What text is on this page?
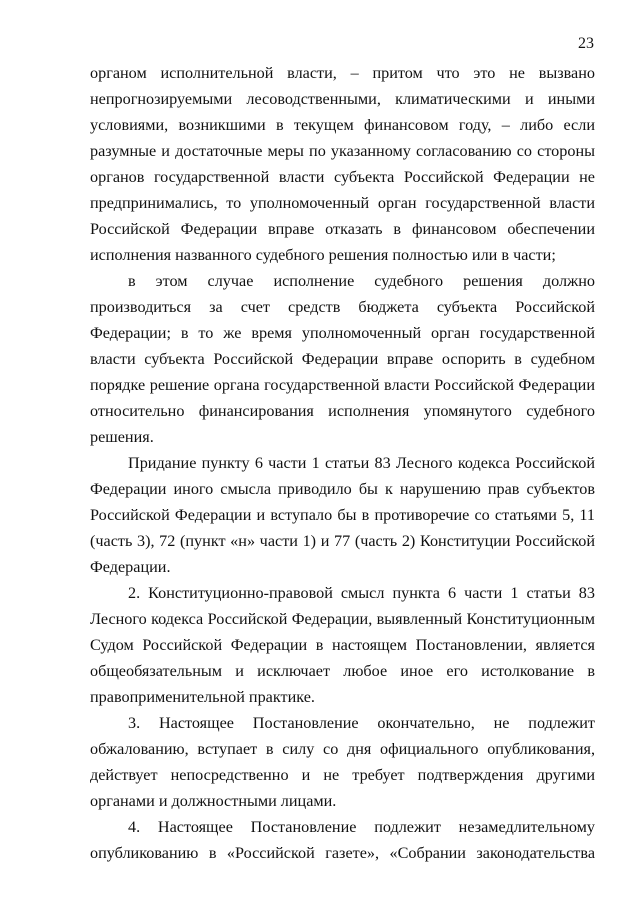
23

органом исполнительной власти, – притом что это не вызвано непрогнозируемыми лесоводственными, климатическими и иными условиями, возникшими в текущем финансовом году, – либо если разумные и достаточные меры по указанному согласованию со стороны органов государственной власти субъекта Российской Федерации не предпринимались, то уполномоченный орган государственной власти Российской Федерации вправе отказать в финансовом обеспечении исполнения названного судебного решения полностью или в части;

в этом случае исполнение судебного решения должно производиться за счет средств бюджета субъекта Российской Федерации; в то же время уполномоченный орган государственной власти субъекта Российской Федерации вправе оспорить в судебном порядке решение органа государственной власти Российской Федерации относительно финансирования исполнения упомянутого судебного решения.

Придание пункту 6 части 1 статьи 83 Лесного кодекса Российской Федерации иного смысла приводило бы к нарушению прав субъектов Российской Федерации и вступало бы в противоречие со статьями 5, 11 (часть 3), 72 (пункт «н» части 1) и 77 (часть 2) Конституции Российской Федерации.

2. Конституционно-правовой смысл пункта 6 части 1 статьи 83 Лесного кодекса Российской Федерации, выявленный Конституционным Судом Российской Федерации в настоящем Постановлении, является общеобязательным и исключает любое иное его истолкование в правоприменительной практике.

3. Настоящее Постановление окончательно, не подлежит обжалованию, вступает в силу со дня официального опубликования, действует непосредственно и не требует подтверждения другими органами и должностными лицами.

4. Настоящее Постановление подлежит незамедлительному опубликованию в «Российской газете», «Собрании законодательства
